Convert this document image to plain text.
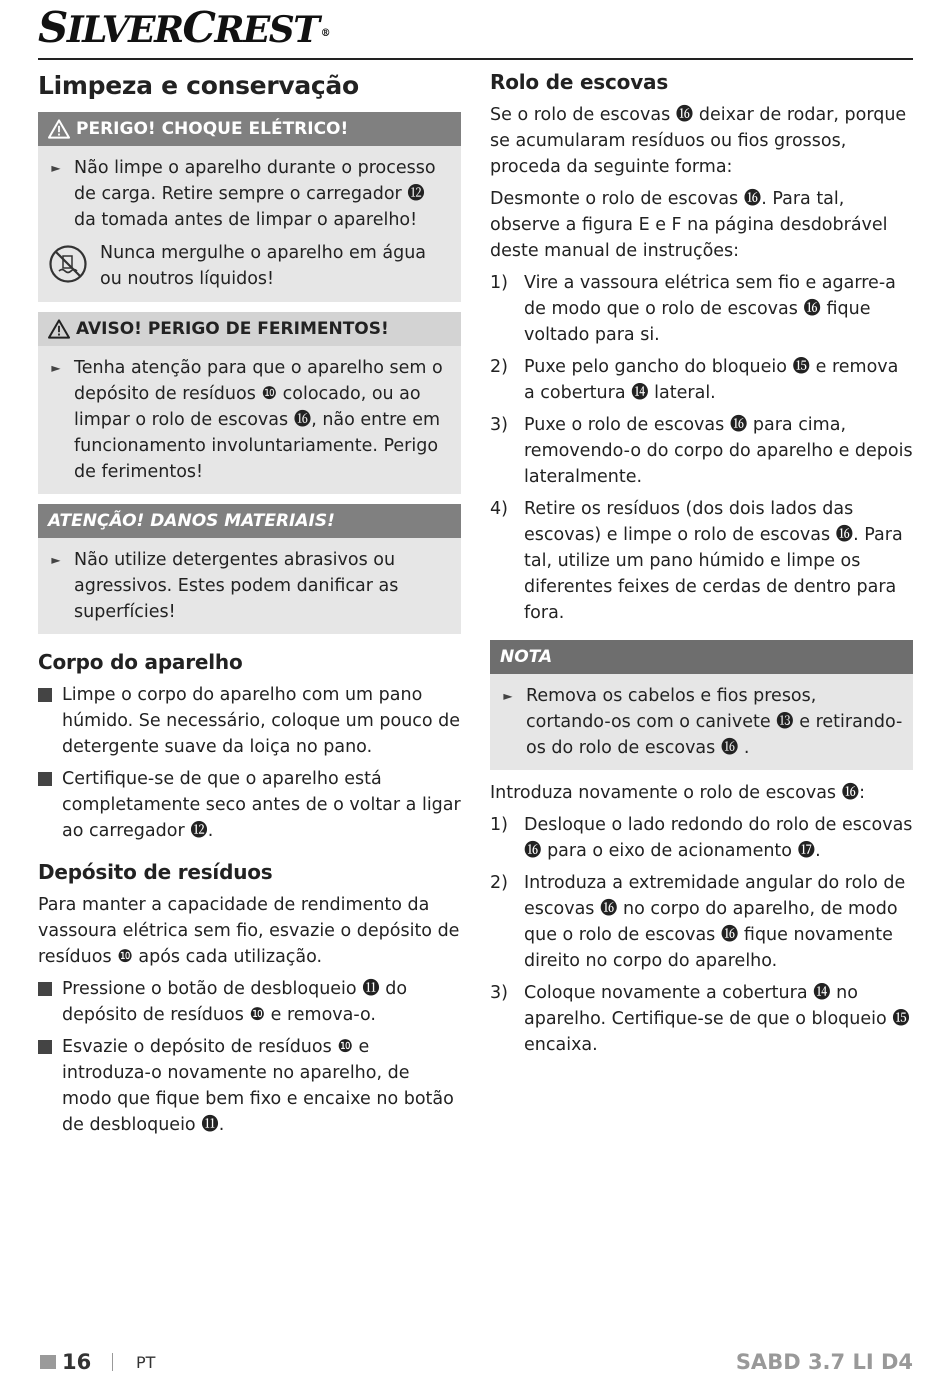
SILVERCREST ®
Limpeza e conservação
PERIGO! CHOQUE ELÉTRICO!
► Não limpe o aparelho durante o processo de carga. Retire sempre o carregador ⓬ da tomada antes de limpar o aparelho!
Nunca mergulhe o aparelho em água ou noutros líquidos!
AVISO! PERIGO DE FERIMENTOS!
► Tenha atenção para que o aparelho sem o depósito de resíduos ❿ colocado, ou ao limpar o rolo de escovas ⓰, não entre em funcionamento involuntariamente. Perigo de ferimentos!
ATENÇÃO! DANOS MATERIAIS!
► Não utilize detergentes abrasivos ou agressivos. Estes podem danificar as superfícies!
Corpo do aparelho
Limpe o corpo do aparelho com um pano húmido. Se necessário, coloque um pouco de detergente suave da loiça no pano.
Certifique-se de que o aparelho está completamente seco antes de o voltar a ligar ao carregador ⓬.
Depósito de resíduos

Para manter a capacidade de rendimento da vassoura elétrica sem fio, esvazie o depósito de resíduos ❿ após cada utilização.

Pressione o botão de desbloqueio ⓫ do depósito de resíduos ❿ e remova-o.
Esvazie o depósito de resíduos ❿ e introduza-o novamente no aparelho, de modo que fique bem fixo e encaixe no botão de desbloqueio ⓫.
Rolo de escovas

Se o rolo de escovas ⓰ deixar de rodar, porque se acumularam resíduos ou fios grossos, proceda da seguinte forma:

Desmonte o rolo de escovas ⓰. Para tal, observe a figura E e F na página desdobrável deste manual de instruções:

1) Vire a vassoura elétrica sem fio e agarre-a de modo que o rolo de escovas ⓰ fique voltado para si.
2) Puxe pelo gancho do bloqueio ⓯ e remova a cobertura ⓮ lateral.
3) Puxe o rolo de escovas ⓰ para cima, removendo-o do corpo do aparelho e depois lateralmente.
4) Retire os resíduos (dos dois lados das escovas) e limpe o rolo de escovas ⓰. Para tal, utilize um pano húmido e limpe os diferentes feixes de cerdas de dentro para fora.
NOTA
► Remova os cabelos e fios presos, cortando-os com o canivete ⓭ e retirando-os do rolo de escovas ⓰ .

Introduza novamente o rolo de escovas ⓰:

1) Desloque o lado redondo do rolo de escovas ⓰ para o eixo de acionamento ⓱.
2) Introduza a extremidade angular do rolo de escovas ⓰ no corpo do aparelho, de modo que o rolo de escovas ⓰ fique novamente direito no corpo do aparelho.
3) Coloque novamente a cobertura ⓮ no aparelho. Certifique-se de que o bloqueio ⓯ encaixa.
16	PT	SABD 3.7 LI D4
